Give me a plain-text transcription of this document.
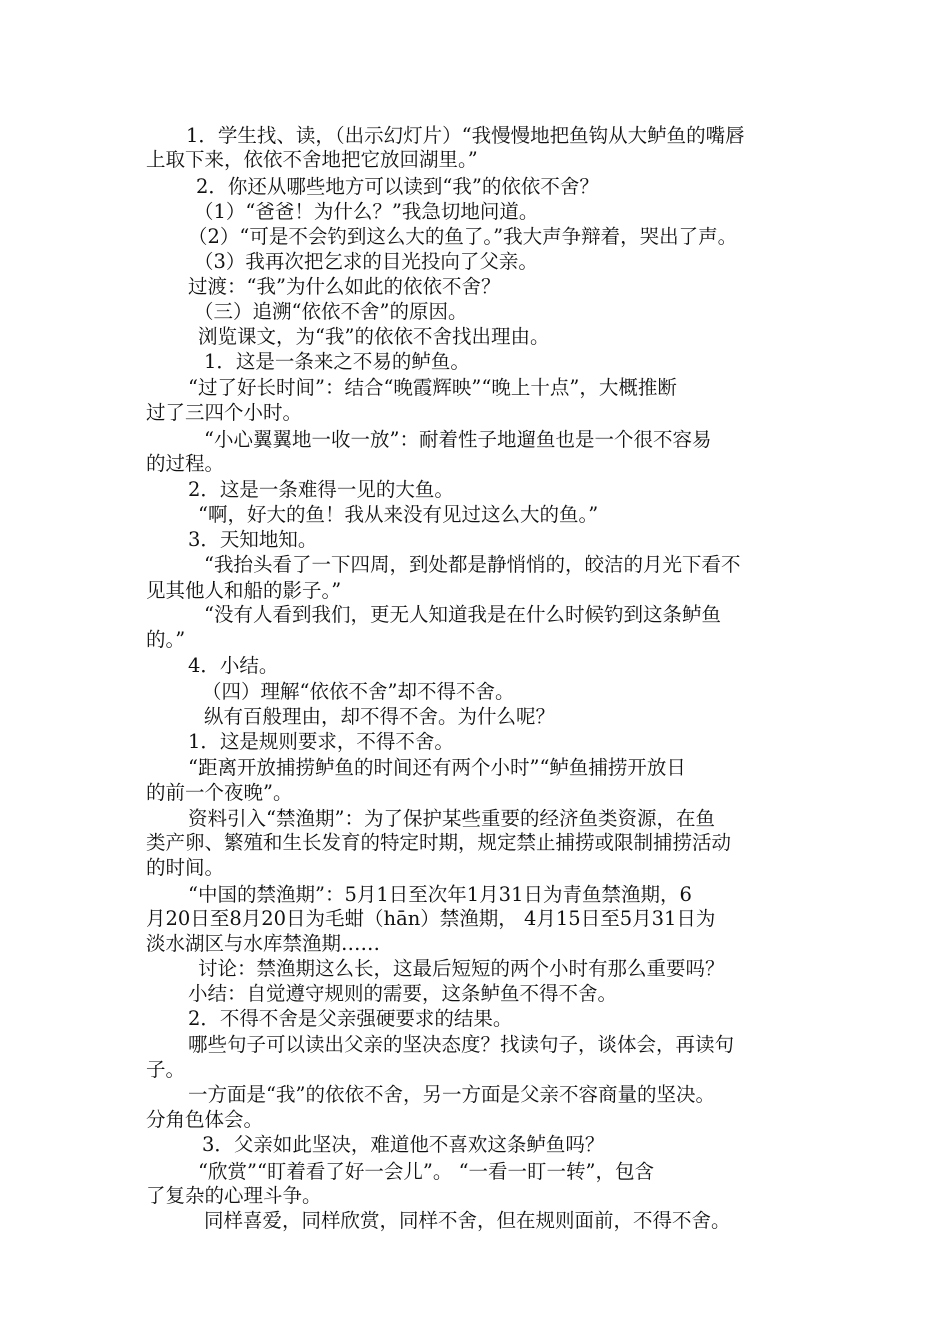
1．学生找、读，（出示幻灯片）“我慢慢地把鱼钩从大鲈鱼的嘴唇
上取下来，依依不舍地把它放回湖里。”
2．你还从哪些地方可以读到“我”的依依不舍？
（1）“爸爸！为什么？”我急切地问道。
（2）“可是不会钓到这么大的鱼了。”我大声争辩着，哭出了声。
（3）我再次把乞求的目光投向了父亲。
过渡：“我”为什么如此的依依不舍？
（三）追溯“依依不舍”的原因。
浏览课文，为“我”的依依不舍找出理由。
1．这是一条来之不易的鲈鱼。
“过了好长时间”：结合“晚霞辉映”“晚上十点”，大概推断
过了三四个小时。
“小心翼翼地一收一放”：耐着性子地遛鱼也是一个很不容易
的过程。
2．这是一条难得一见的大鱼。
“啊，好大的鱼！我从来没有见过这么大的鱼。”
3．天知地知。
“我抬头看了一下四周，到处都是静悄悄的，皎洁的月光下看不
见其他人和船的影子。”
“没有人看到我们，更无人知道我是在什么时候钓到这条鲈鱼
的。”
4．小结。
（四）理解“依依不舍”却不得不舍。
纵有百般理由，却不得不舍。为什么呢？
1．这是规则要求，不得不舍。
“距离开放捕捞鲈鱼的时间还有两个小时”“鲈鱼捕捞开放日
的前一个夜晚”。
资料引入“禁渔期”：为了保护某些重要的经济鱼类资源，在鱼
类产卵、繁殖和生长发育的特定时期，规定禁止捕捞或限制捕捞活动
的时间。
“中国的禁渔期”：5月1日至次年1月31日为青鱼禁渔期，6
月20日至8月20日为毛蚶（hān）禁渔期， 4月15日至5月31日为
淡水湖区与水库禁渔期……
讨论：禁渔期这么长，这最后短短的两个小时有那么重要吗？
小结：自觉遵守规则的需要，这条鲈鱼不得不舍。
2．不得不舍是父亲强硬要求的结果。
哪些句子可以读出父亲的坚决态度？找读句子，谈体会，再读句
子。
一方面是“我”的依依不舍，另一方面是父亲不容商量的坚决。
分角色体会。
3．父亲如此坚决，难道他不喜欢这条鲈鱼吗？
“欣赏”“盯着看了好一会儿”。 “一看一盯一转”，包含
了复杂的心理斗争。
同样喜爱，同样欣赏，同样不舍，但在规则面前，不得不舍。
